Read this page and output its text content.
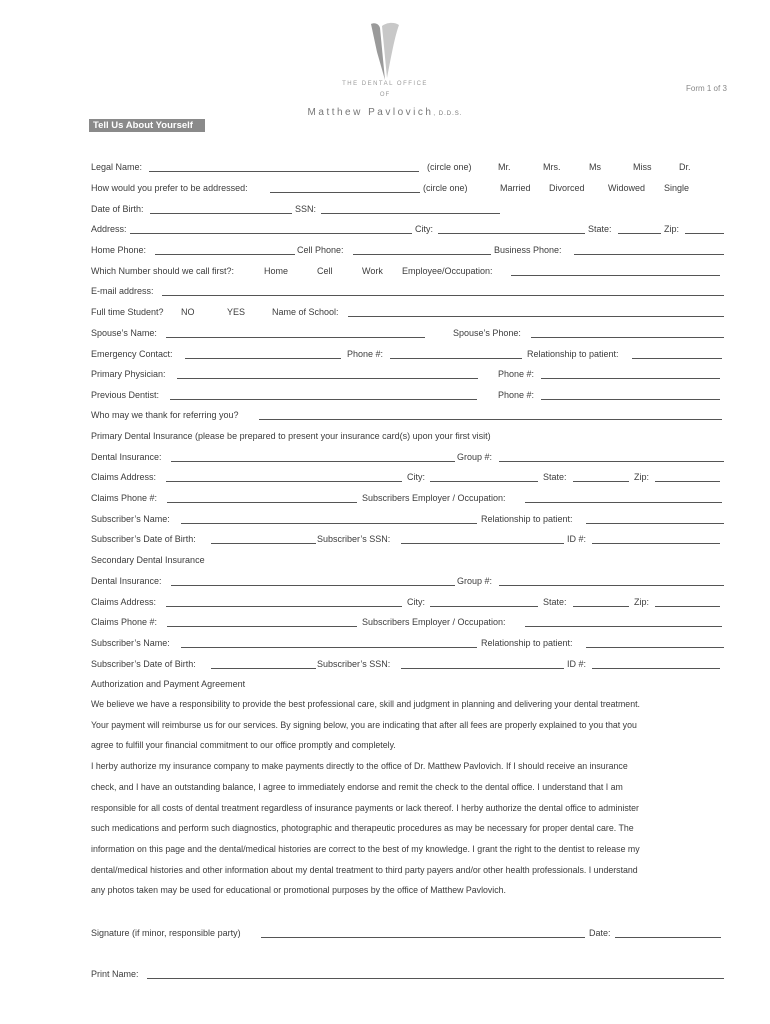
THE DENTAL OFFICE
OF
Matthew Pavlovich, D.D.S.
Form 1 of 3
Tell Us About Yourself
Legal Name:	(circle one)	Mr.	Mrs.	Ms	Miss	Dr.
How would you prefer to be addressed:	(circle one)	Married Divorced	Widowed Single
Date of Birth:	SSN:
Address:	City:	State:	Zip:
Home Phone:	Cell Phone:	Business Phone:
Which Number should we call first?:	Home	Cell	Work Employee/Occupation:
E-mail address:
Full time Student? NO	YES	Name of School:
Spouse’s Name:	Spouse’s Phone:
Emergency Contact:	Phone #:	Relationship to patient:
Primary Physician:	Phone #:
Previous Dentist:	Phone #:
Who may we thank for referring you?
Primary Dental Insurance (please be prepared to present your insurance card(s) upon your first visit)
Dental Insurance:	Group #:
Claims Address:	City:	State:	Zip:
Claims Phone #:	Subscribers Employer / Occupation:
Subscriber’s Name:	Relationship to patient:
Subscriber’s Date of Birth:	Subscriber’s SSN:	ID #:
Secondary Dental Insurance
Dental Insurance:	Group #:
Claims Address:	City:	State:	Zip:
Claims Phone #:	Subscribers Employer / Occupation:
Subscriber’s Name:	Relationship to patient:
Subscriber’s Date of Birth:	Subscriber’s SSN:	ID #:
Authorization and Payment Agreement
We believe we have a responsibility to provide the best professional care, skill and judgment in planning and delivering your dental treatment.
Your payment will reimburse us for our services. By signing below, you are indicating that after all fees are properly explained to you that you
agree to fulfill your financial commitment to our office promptly and completely.
I herby authorize my insurance company to make payments directly to the office of Dr. Matthew Pavlovich. If I should receive an insurance
check, and I have an outstanding balance, I agree to immediately endorse and remit the check to the dental office. I understand that I am
responsible for all costs of dental treatment regardless of insurance payments or lack thereof. I herby authorize the dental office to administer
such medications and perform such diagnostics, photographic and therapeutic procedures as may be necessary for proper dental care. The
information on this page and the dental/medical histories are correct to the best of my knowledge. I grant the right to the dentist to release my
dental/medical histories and other information about my dental treatment to third party payers and/or other health professionals. I understand
any photos taken may be used for educational or promotional purposes by the office of Matthew Pavlovich.
Signature (if minor, responsible party)	Date:
Print Name:
